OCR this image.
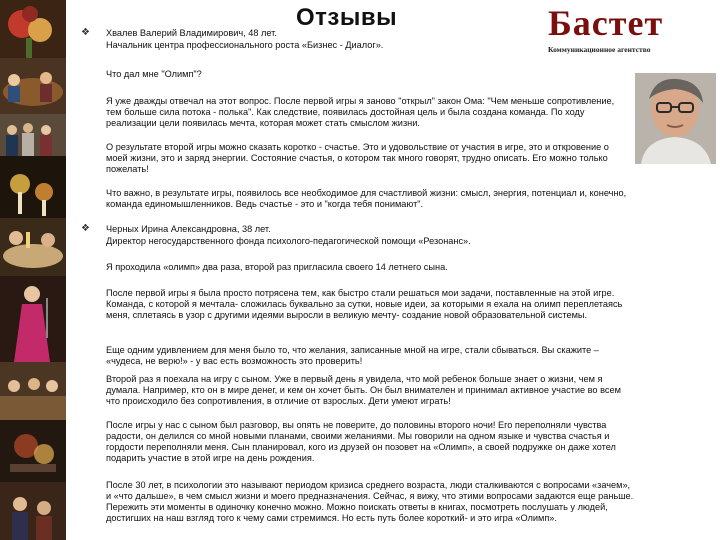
Отзывы	Бастет
Коммуникационное агентство
❖ Хвалев Валерий Владимирович, 48 лет.
Начальник центра профессионального роста «Бизнес - Диалог».
Что дал мне "Олимп"?
Я уже дважды отвечал на этот вопрос. После первой игры я заново "открыл" закон Ома: "Чем меньше сопротивление, тем больше сила потока - полька". Как следствие, появилась достойная цель и была создана команда. По ходу реализации цели появилась мечта, которая может стать смыслом жизни.
О результате второй игры можно сказать коротко - счастье. Это и удовольствие от участия в игре, это и откровение о моей жизни, это и заряд энергии. Состояние счастья, о котором так много говорят, трудно описать. Его можно только пожелать!
Что важно, в результате игры, появилось все необходимое для счастливой жизни: смысл, энергия, потенциал и, конечно, команда единомышленников. Ведь счастье - это и "когда тебя понимают".
❖ Черных Ирина Александровна, 38 лет.
Директор негосударственного фонда психолого-педагогической помощи «Резонанс».
Я проходила «олимп» два раза, второй раз пригласила своего 14 летнего сына.
После первой игры я была просто потрясена тем, как быстро стали решаться мои задачи, поставленные на этой игре. Команда, с которой я мечтала- сложилась буквально за сутки, новые идеи, за которыми я ехала на олимп переплетаясь меня, сплетаясь в узор с другими идеями выросли в великую мечту- создание новой образовательной системы.
Еще одним удивлением для меня было то, что желания, записанные мной на игре, стали сбываться. Вы скажите – «чудеса, не верю!» - у вас есть возможность это проверить!
Второй раз я поехала на игру с сыном. Уже в первый день я увидела, что мой ребенок больше знает о жизни, чем я думала. Например, кто он в мире денег, и кем он хочет быть. Он был внимателен и принимал активное участие во всем что происходило без сопротивления, в отличие от взрослых. Дети умеют играть!
После игры у нас с сыном был разговор, вы опять не поверите, до половины второго ночи! Его переполняли чувства радости, он делился со мной новыми планами, своими желаниями. Мы говорили на одном языке и чувства счастья и гордости переполняли меня. Сын планировал, кого из друзей он позовет на «Олимп», а своей подружке он даже хотел подарить участие в этой игре на день рождения.
После 30 лет, в психологии это называют периодом кризиса среднего возраста, люди сталкиваются с вопросами «зачем», и «что дальше», в чем смысл жизни и моего предназначения. Сейчас, я вижу, что этими вопросами задаются еще раньше. Пережить эти моменты в одиночку конечно можно. Можно поискать ответы в книгах, посмотреть послушать у людей, достигших на наш взгляд того к чему сами стремимся. Но есть путь более короткий- и это игра «Олимп».
